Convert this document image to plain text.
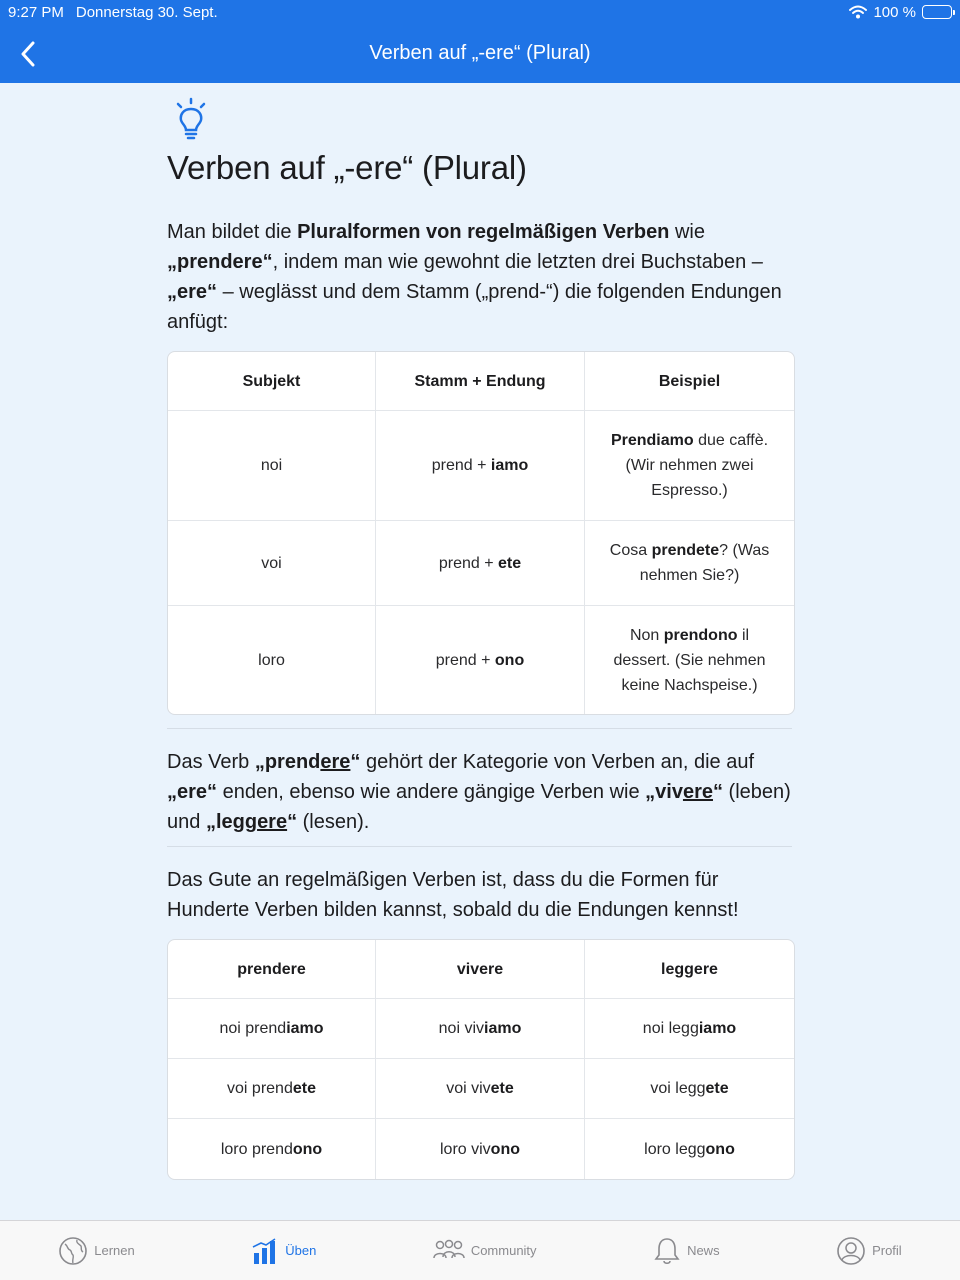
9:27 PM Donnerstag 30. Sept.	100 %
Verben auf „-ere“ (Plural)
Verben auf „-ere“ (Plural)

Man bildet die Pluralformen von regelmäßigen Verben wie „prendere“, indem man wie gewohnt die letzten drei Buchstaben – „ere“ – weglässt und dem Stamm („prend-“) die folgenden Endungen anfügt:

Subjekt	Stamm + Endung	Beispiel
noi	prend + iamo	Prendiamo due caffè. (Wir nehmen zwei Espresso.)
voi	prend + ete	Cosa prendete? (Was nehmen Sie?)
loro	prend + ono	Non prendono il dessert. (Sie nehmen keine Nachspeise.)

Das Verb „prendere“ gehört der Kategorie von Verben an, die auf „ere“ enden, ebenso wie andere gängige Verben wie „vivere“ (leben) und „leggere“ (lesen).

Das Gute an regelmäßigen Verben ist, dass du die Formen für Hunderte Verben bilden kannst, sobald du die Endungen kennst!

prendere	vivere	leggere
noi prendiamo	noi viviamo	noi leggiamo
voi prendete	voi vivete	voi leggete
loro prendono	loro vivono	loro leggono
Lernen	Üben	Community	News	Profil
